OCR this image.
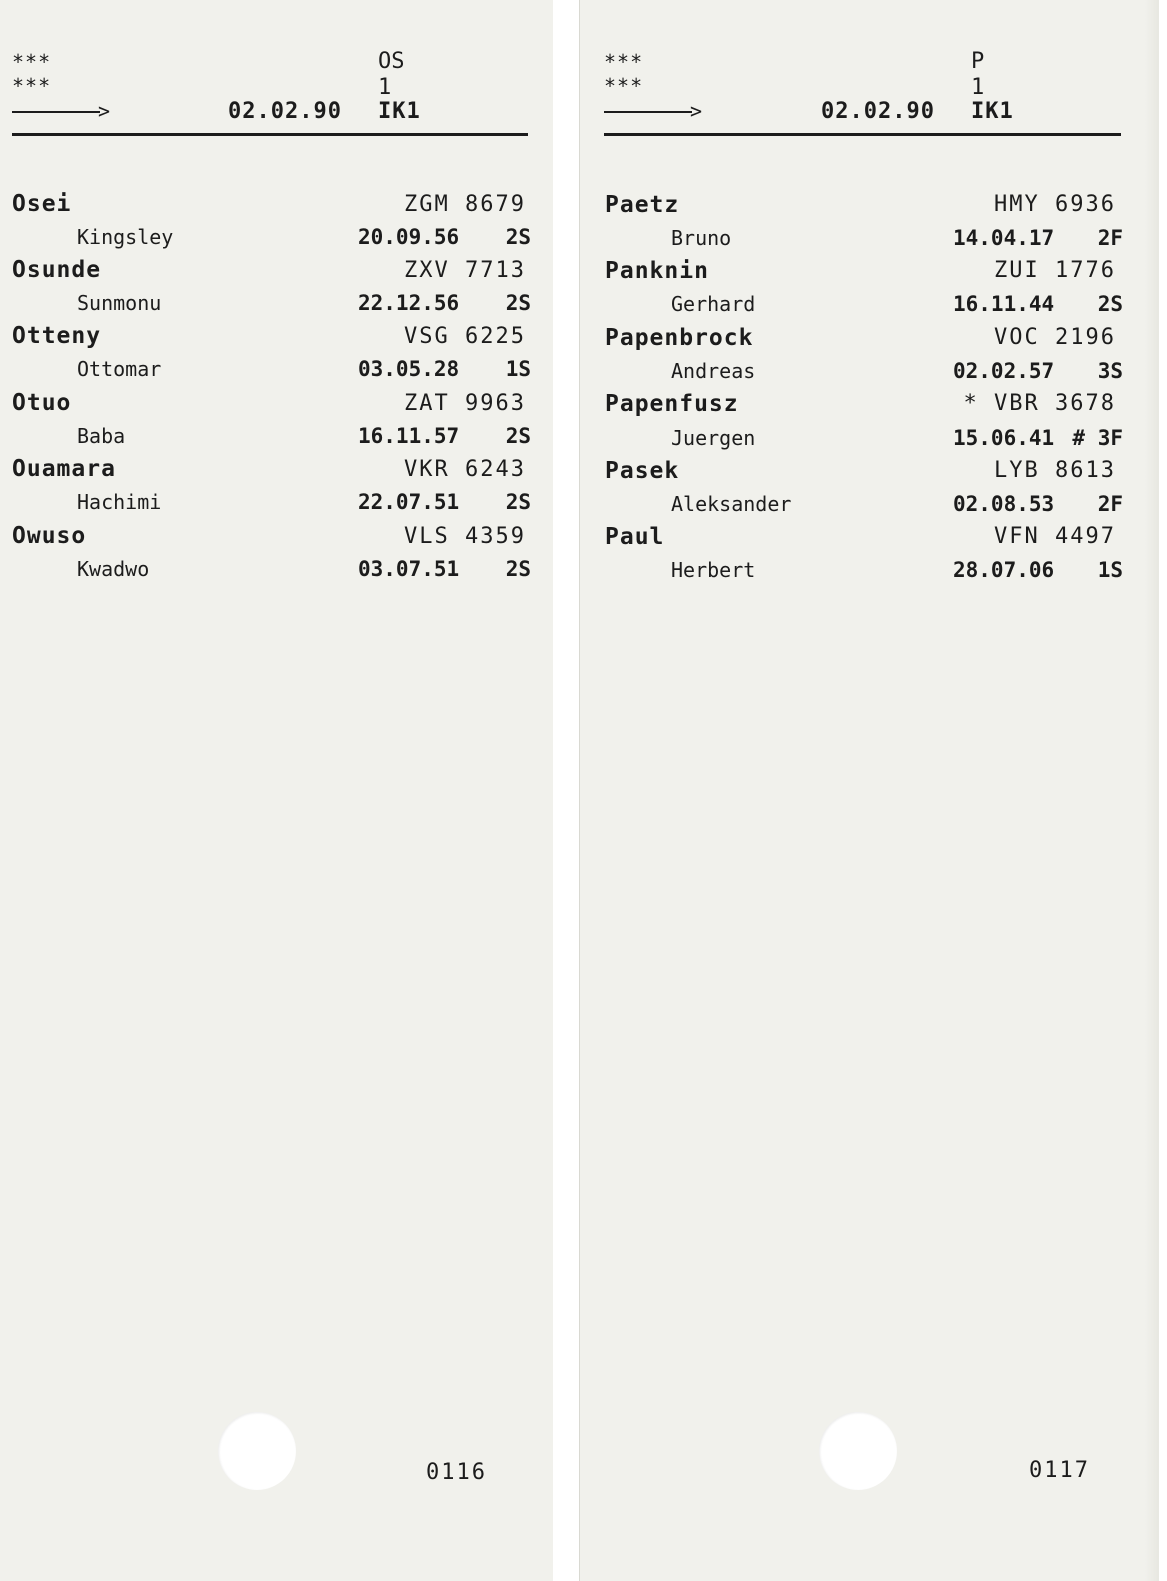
***
***
OS
1
>	02.02.90 IK1
Osei	ZGM 8679
Kingsley	20.09.56 2S
Osunde	ZXV 7713
Sunmonu	22.12.56 2S
Otteny	VSG 6225
Ottomar	03.05.28 1S
Otuo	ZAT 9963
Baba	16.11.57 2S
Ouamara	VKR 6243
Hachimi	22.07.51 2S
Owuso	VLS 4359
Kwadwo	03.07.51 2S
0116
***
***
P
1
>	02.02.90 IK1
Paetz	HMY 6936
Bruno	14.04.17 2F
Panknin	ZUI 1776
Gerhard	16.11.44 2S
Papenbrock	VOC 2196
Andreas	02.02.57 3S
Papenfusz	* VBR 3678
Juergen	15.06.41 # 3F
Pasek	LYB 8613
Aleksander	02.08.53 2F
Paul	VFN 4497
Herbert	28.07.06 1S
0117
